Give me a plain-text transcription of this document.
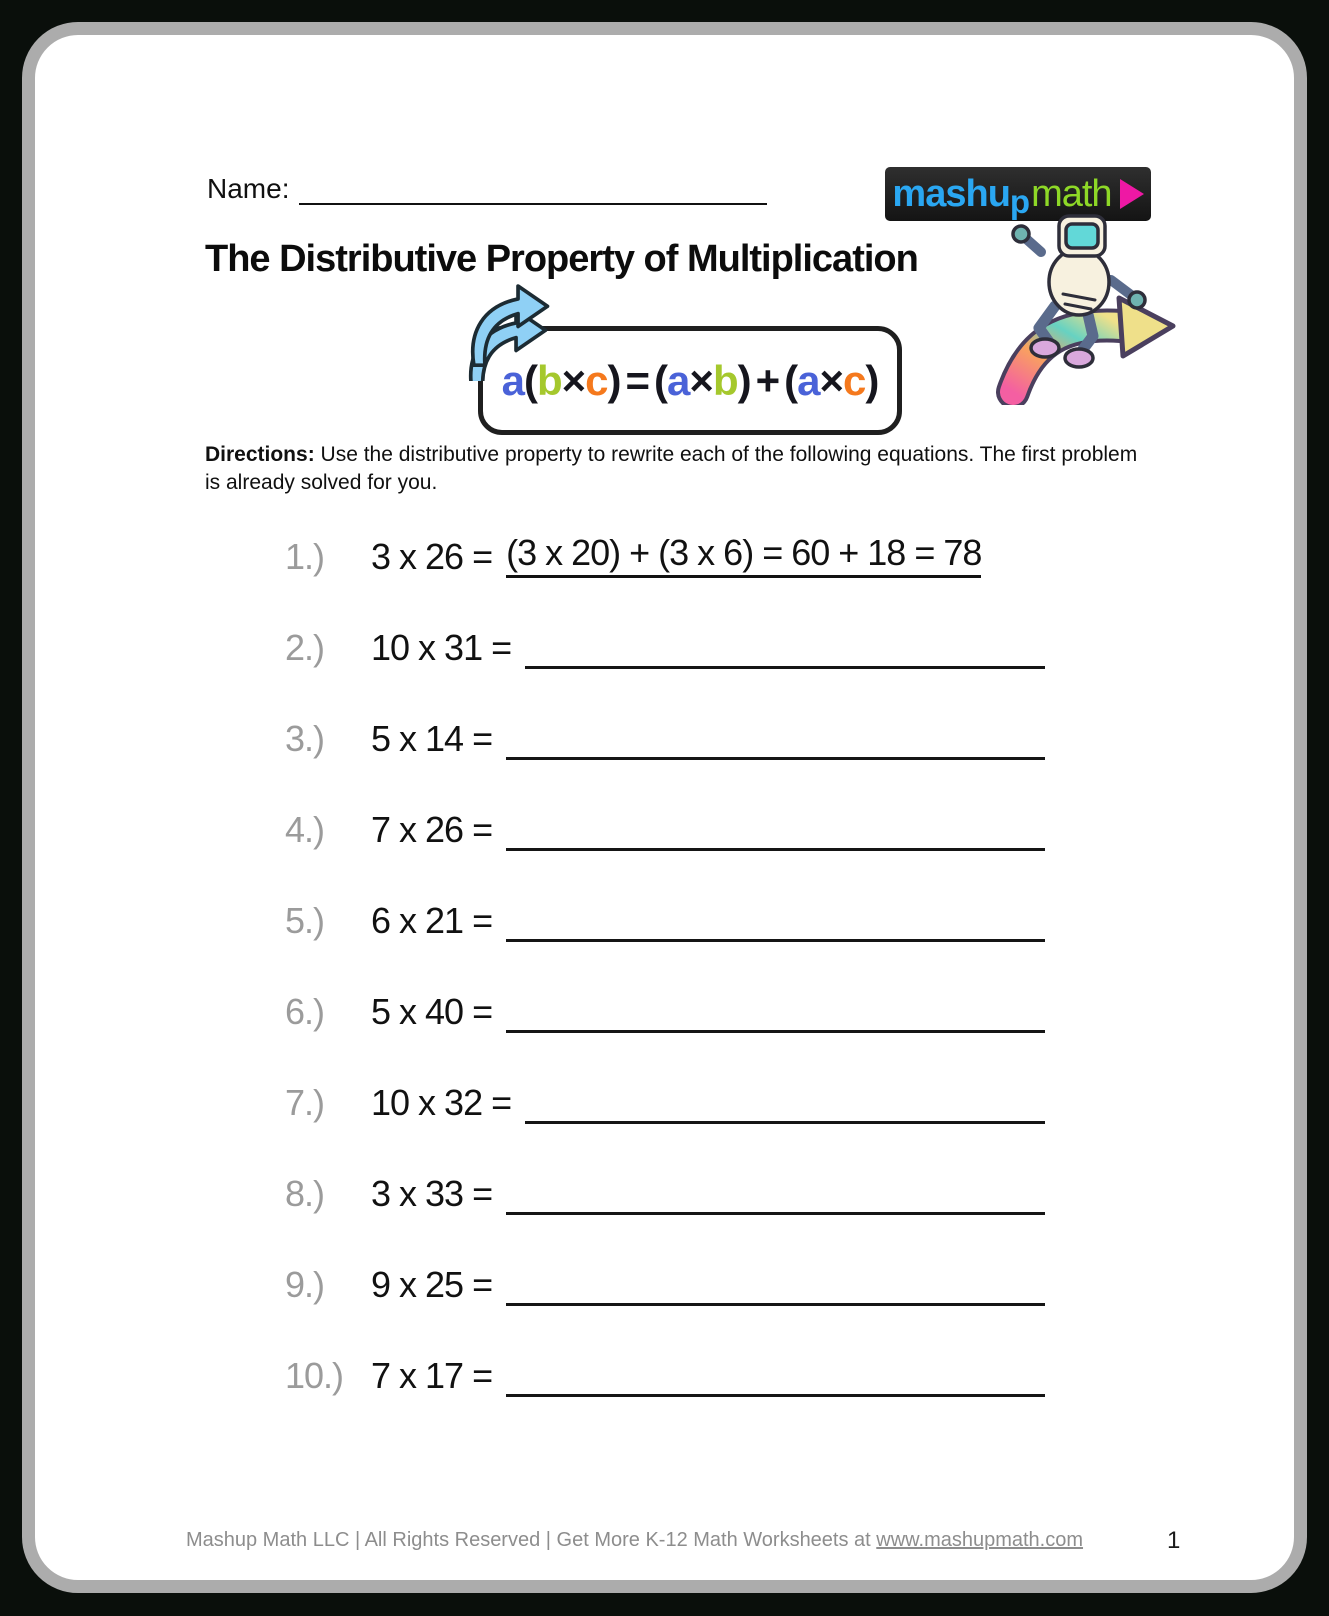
Name:	mashup math
The Distributive Property of Multiplication
a(b×c) = (a×b) + (a×c)
Directions: Use the distributive property to rewrite each of the following equations. The first problem is already solved for you.
1.)	3 x 26 = (3 x 20) + (3 x 6) = 60 + 18 = 78
2.)	10 x 31 =
3.)	5 x 14 =
4.)	7 x 26 =
5.)	6 x 21 =
6.)	5 x 40 =
7.)	10 x 32 =
8.)	3 x 33 =
9.)	9 x 25 =
10.) 7 x 17 =
Mashup Math LLC | All Rights Reserved | Get More K-12 Math Worksheets at www.mashupmath.com	1
